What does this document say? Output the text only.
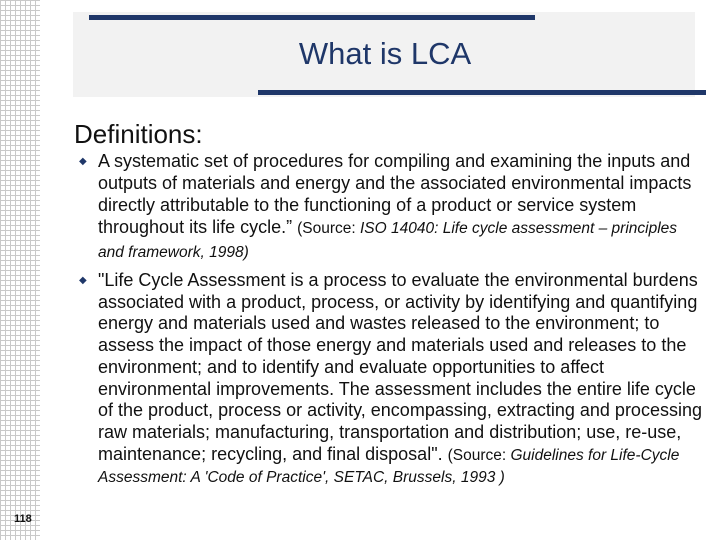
What is LCA
Definitions:
◆ A systematic set of procedures for compiling and examining the inputs and outputs of materials and energy and the associated environmental impacts directly attributable to the functioning of a product or service system throughout its life cycle.” (Source: ISO 14040: Life cycle assessment – principles and framework, 1998)

◆ "Life Cycle Assessment is a process to evaluate the environmental burdens associated with a product, process, or activity by identifying and quantifying energy and materials used and wastes released to the environment; to assess the impact of those energy and materials used and releases to the environment; and to identify and evaluate opportunities to affect environmental improvements. The assessment includes the entire life cycle of the product, process or activity, encompassing, extracting and processing raw materials; manufacturing, transportation and distribution; use, re-use, maintenance; recycling, and final disposal". (Source: Guidelines for Life-Cycle Assessment: A 'Code of Practice', SETAC, Brussels, 1993 )

118
